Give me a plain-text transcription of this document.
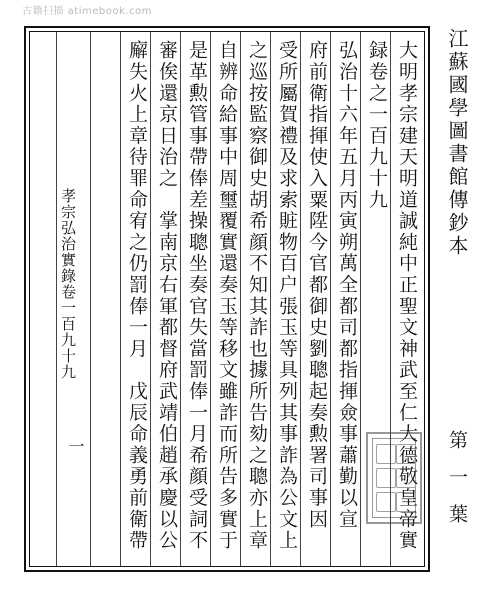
古籍扫描 atimebook.com
孝宗弘治實錄卷一百九十九
一	大明孝宗建天明道誠純中正聖文神武至仁大德敬皇帝實
録卷之一百九十九
弘治十六年五月丙寅朔萬全都司都指揮僉事蕭勤以宣
府前衛指揮使入粟陞今官都御史劉聰起奏勲署司事因
受所屬賀禮及求索賍物百户張玉等具列其事詐為公文上
之巡按監察御史胡希顔不知其詐也據所告劾之聰亦上章
自辨命給事中周璽覆實還奏玉等移文雖詐而所告多實于
是革勲管事帶俸差操聰坐奏官失當罰俸一月希顔受詞不
審俟還京日治之　掌南京右軍都督府武靖伯趙承慶以公
廨失火上章待罪命宥之仍罰俸一月　戊辰命義勇前衛帶	江蘇國學圖書館傳鈔本
第一葉
